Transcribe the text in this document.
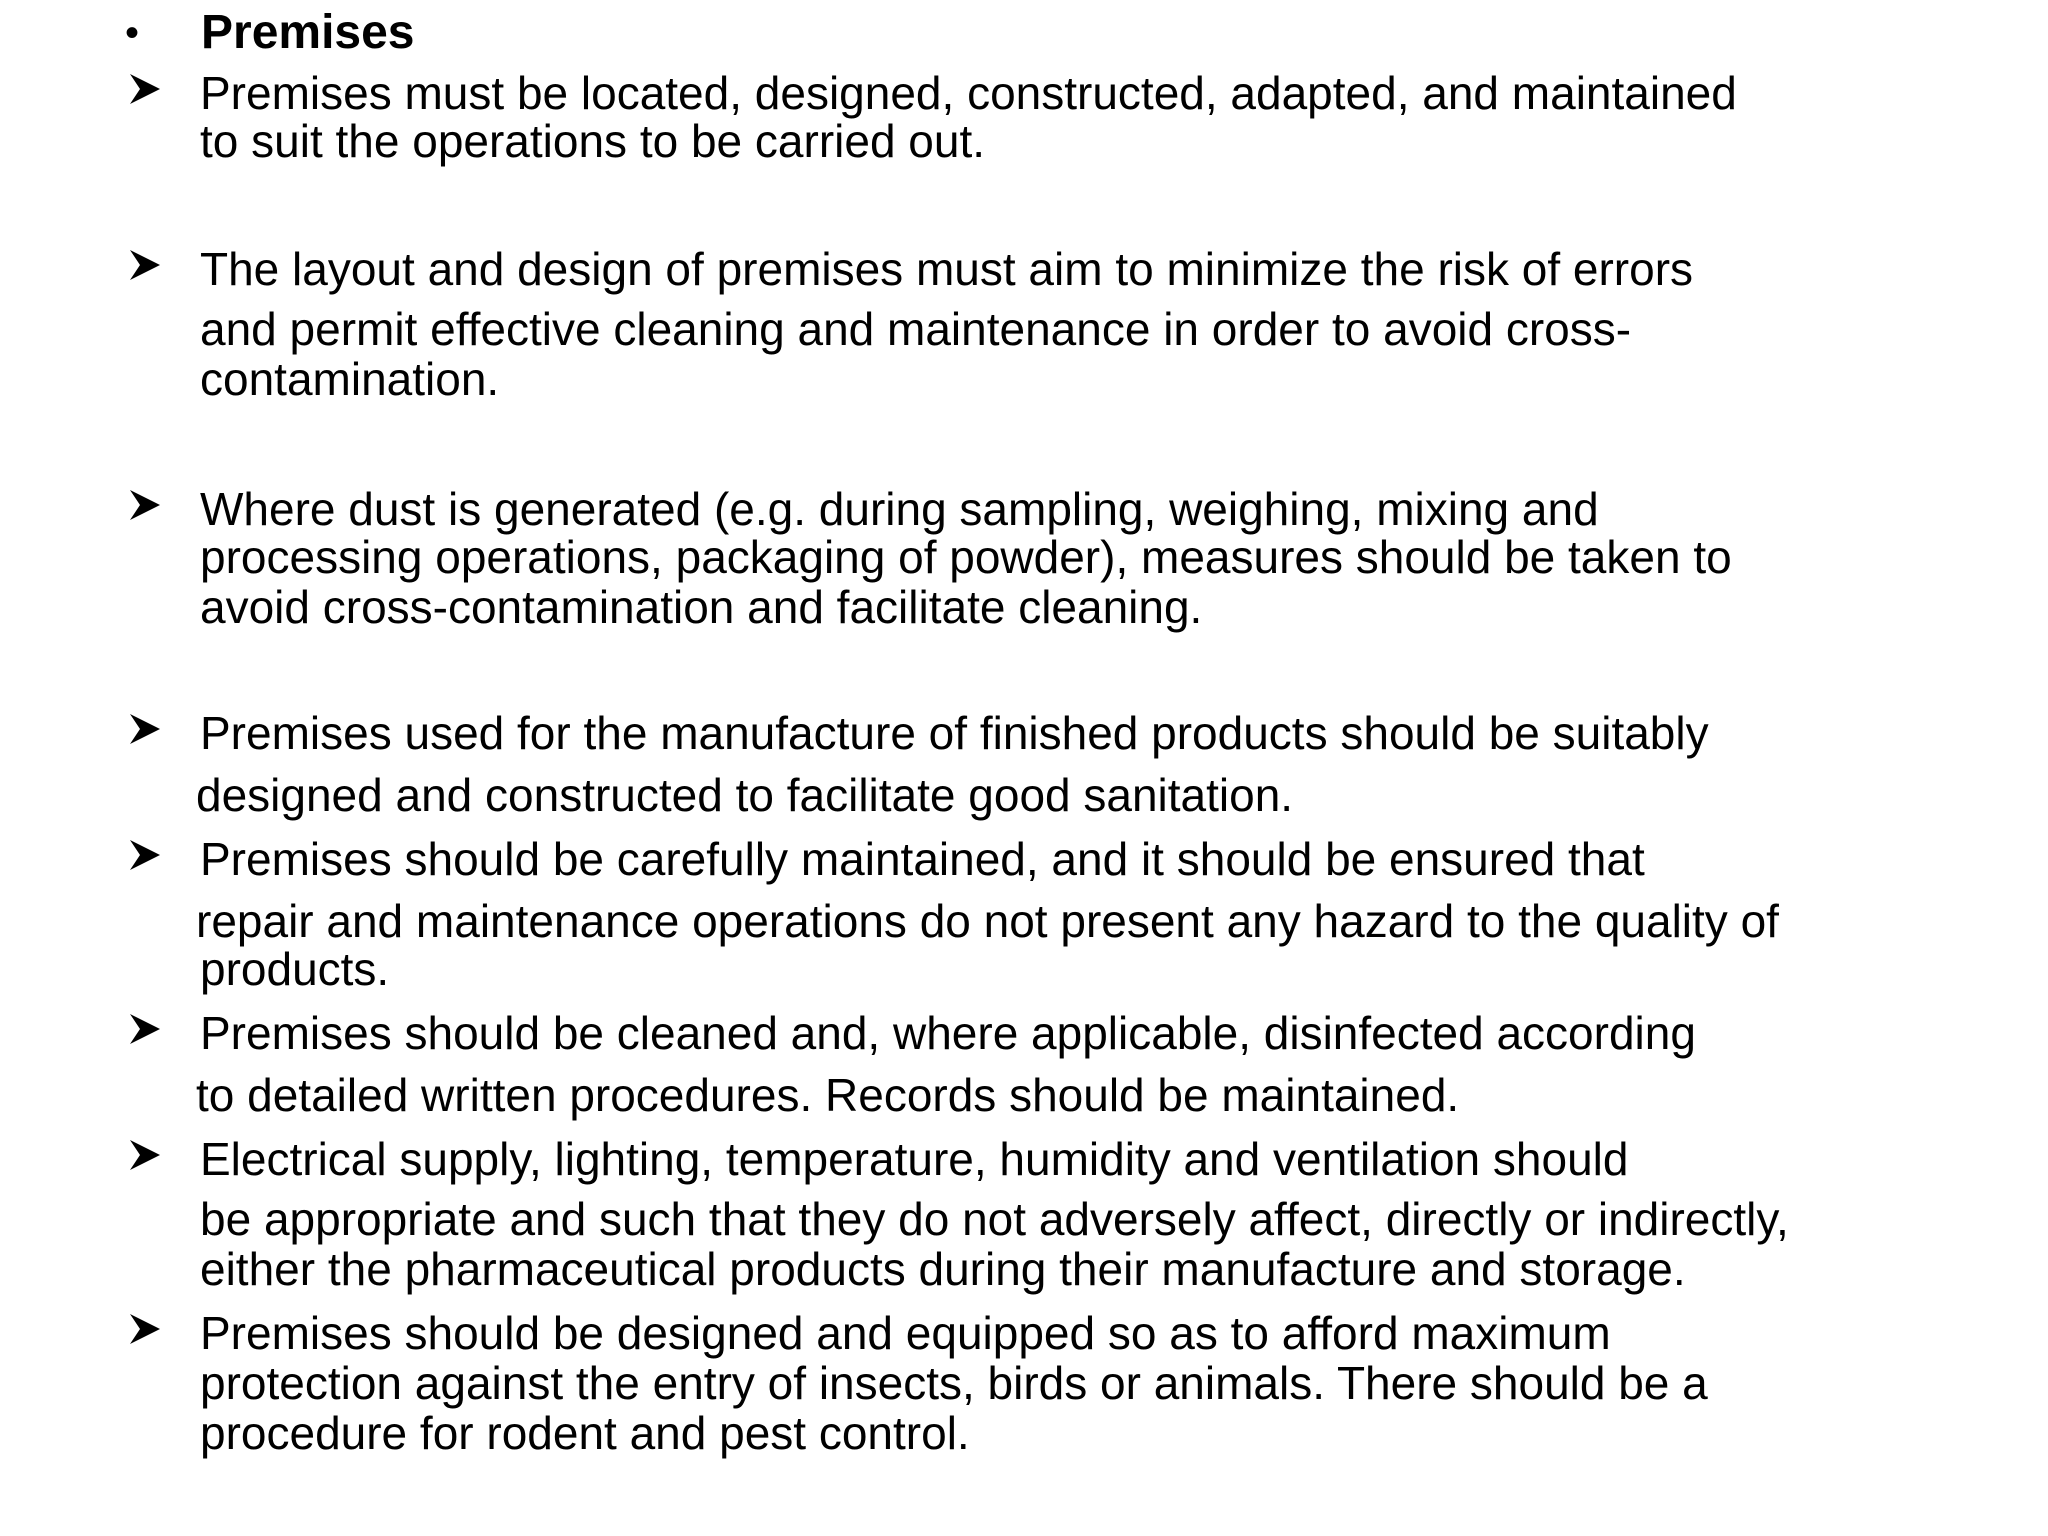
• Premises
Premises must be located, designed, constructed, adapted, and maintained
to suit the operations to be carried out.
The layout and design of premises must aim to minimize the risk of errors
and permit effective cleaning and maintenance in order to avoid cross-
contamination.
Where dust is generated (e.g. during sampling, weighing, mixing and
processing operations, packaging of powder), measures should be taken to
avoid cross-contamination and facilitate cleaning.
Premises used for the manufacture of finished products should be suitably
designed and constructed to facilitate good sanitation.
Premises should be carefully maintained, and it should be ensured that
repair and maintenance operations do not present any hazard to the quality of
products.
Premises should be cleaned and, where applicable, disinfected according
to detailed written procedures. Records should be maintained.
Electrical supply, lighting, temperature, humidity and ventilation should
be appropriate and such that they do not adversely affect, directly or indirectly,
either the pharmaceutical products during their manufacture and storage.
Premises should be designed and equipped so as to afford maximum
protection against the entry of insects, birds or animals. There should be a
procedure for rodent and pest control.
